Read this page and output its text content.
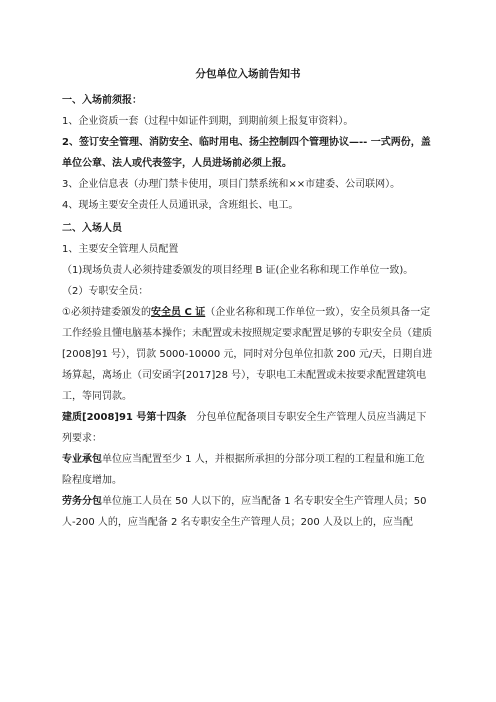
分包单位入场前告知书

一、入场前须报：

1、企业资质一套（过程中如证件到期，到期前须上报复审资料）。

2、签订安全管理、消防安全、临时用电、扬尘控制四个管理协议—-- 一式两份，盖单位公章、法人或代表签字，人员进场前必须上报。

3、企业信息表（办理门禁卡使用，项目门禁系统和××市建委、公司联网）。

4、现场主要安全责任人员通讯录，含班组长、电工。

二、入场人员

1、主要安全管理人员配置

（1)现场负责人必须持建委颁发的项目经理 B 证(企业名称和现工作单位一致)。

（2）专职安全员：

①必须持建委颁发的安全员 C 证（企业名称和现工作单位一致），安全员须具备一定工作经验且懂电脑基本操作；未配置或未按照规定要求配置足够的专职安全员（建质[2008]91 号），罚款 5000-10000 元，同时对分包单位扣款 200 元/天，日期自进场算起，离场止（司安函字[2017]28 号），专职电工未配置或未按要求配置建筑电工，等同罚款。

建质[2008]91 号第十四条　分包单位配备项目专职安全生产管理人员应当满足下列要求：

专业承包单位应当配置至少 1 人，并根据所承担的分部分项工程的工程量和施工危险程度增加。

劳务分包单位施工人员在 50 人以下的，应当配备 1 名专职安全生产管理人员；50 人-200 人的，应当配备 2 名专职安全生产管理人员；200 人及以上的，应当配
